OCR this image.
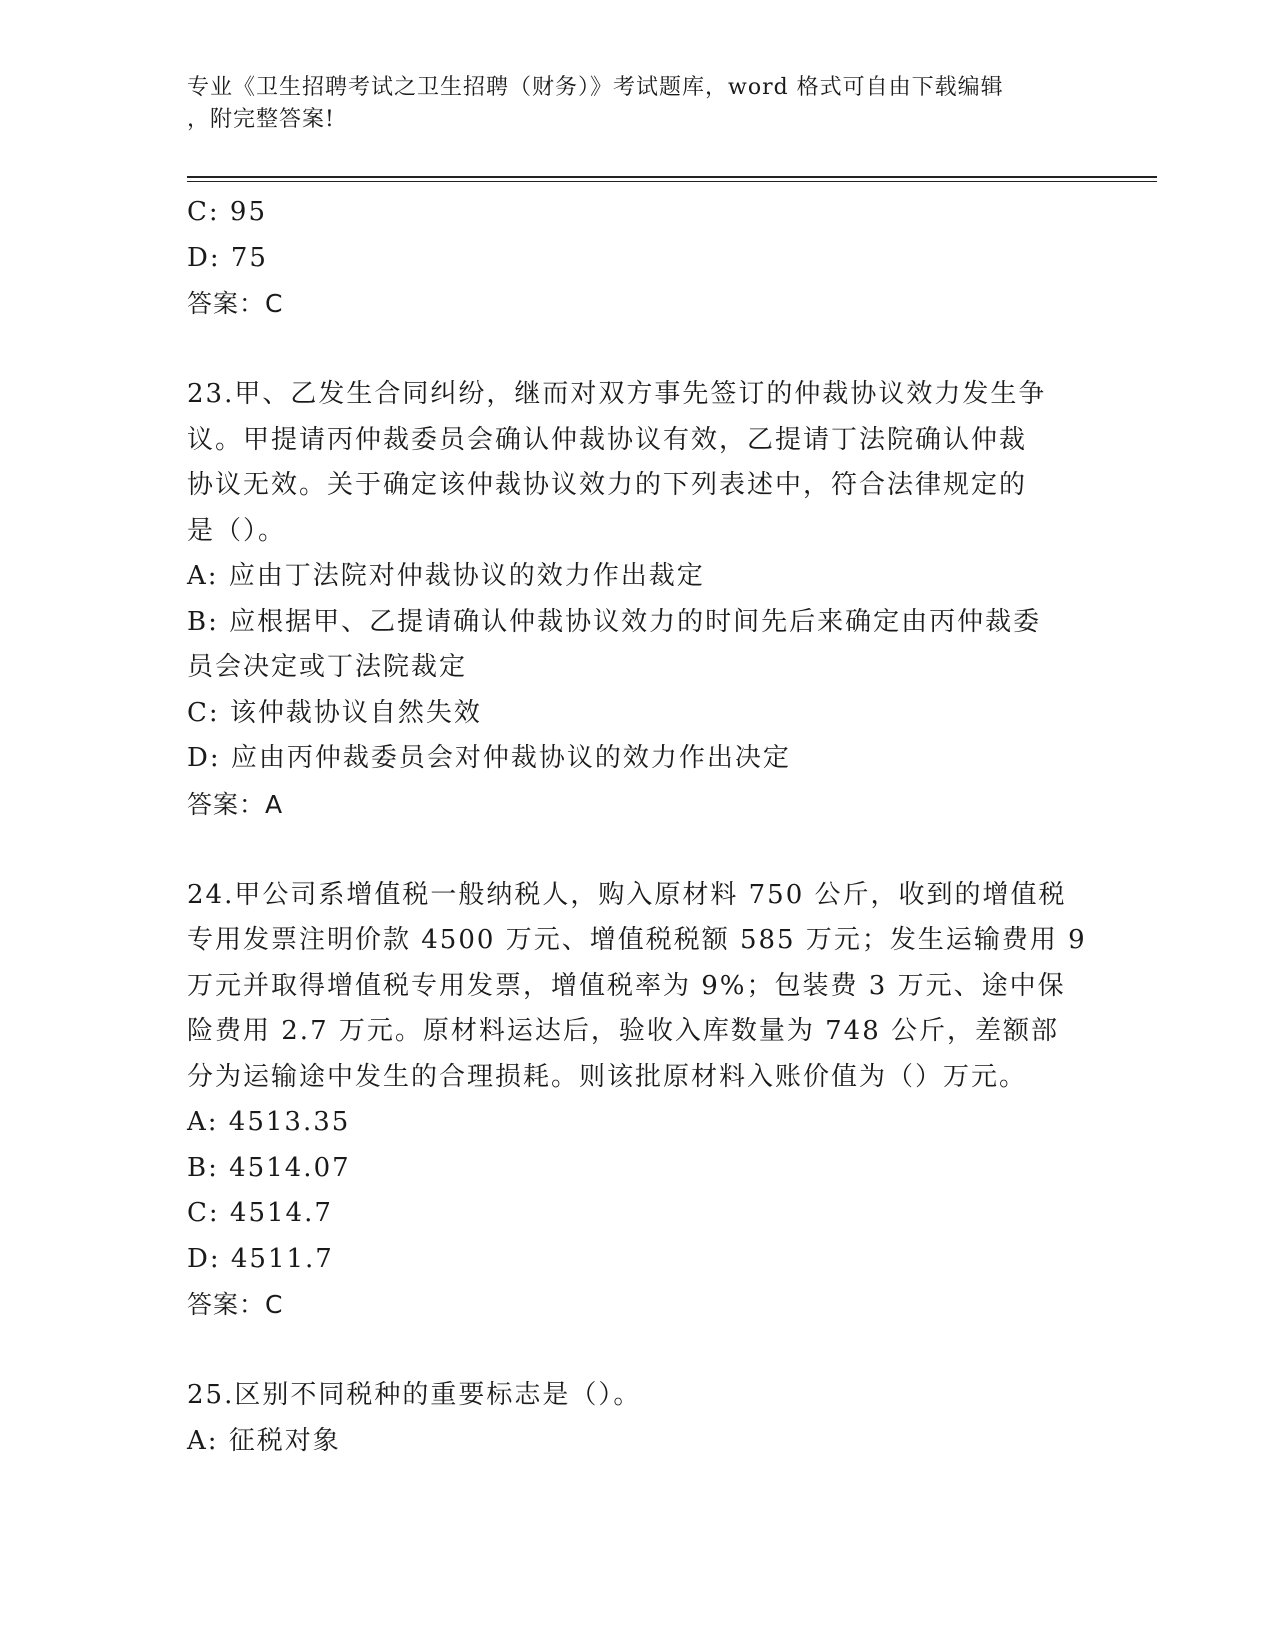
专业《卫生招聘考试之卫生招聘（财务）》考试题库，word 格式可自由下载编辑
，附完整答案!
C: 95
D: 75
答案：C
23.甲、乙发生合同纠纷，继而对双方事先签订的仲裁协议效力发生争
议。甲提请丙仲裁委员会确认仲裁协议有效，乙提请丁法院确认仲裁
协议无效。关于确定该仲裁协议效力的下列表述中，符合法律规定的
是（）。
A: 应由丁法院对仲裁协议的效力作出裁定
B: 应根据甲、乙提请确认仲裁协议效力的时间先后来确定由丙仲裁委
员会决定或丁法院裁定
C: 该仲裁协议自然失效
D: 应由丙仲裁委员会对仲裁协议的效力作出决定
答案：A
24.甲公司系增值税一般纳税人，购入原材料 750 公斤，收到的增值税
专用发票注明价款 4500 万元、增值税税额 585 万元；发生运输费用 9
万元并取得增值税专用发票，增值税率为 9%；包装费 3 万元、途中保
险费用 2.7 万元。原材料运达后，验收入库数量为 748 公斤，差额部
分为运输途中发生的合理损耗。则该批原材料入账价值为（）万元。
A: 4513.35
B: 4514.07
C: 4514.7
D: 4511.7
答案：C
25.区别不同税种的重要标志是（）。
A: 征税对象
